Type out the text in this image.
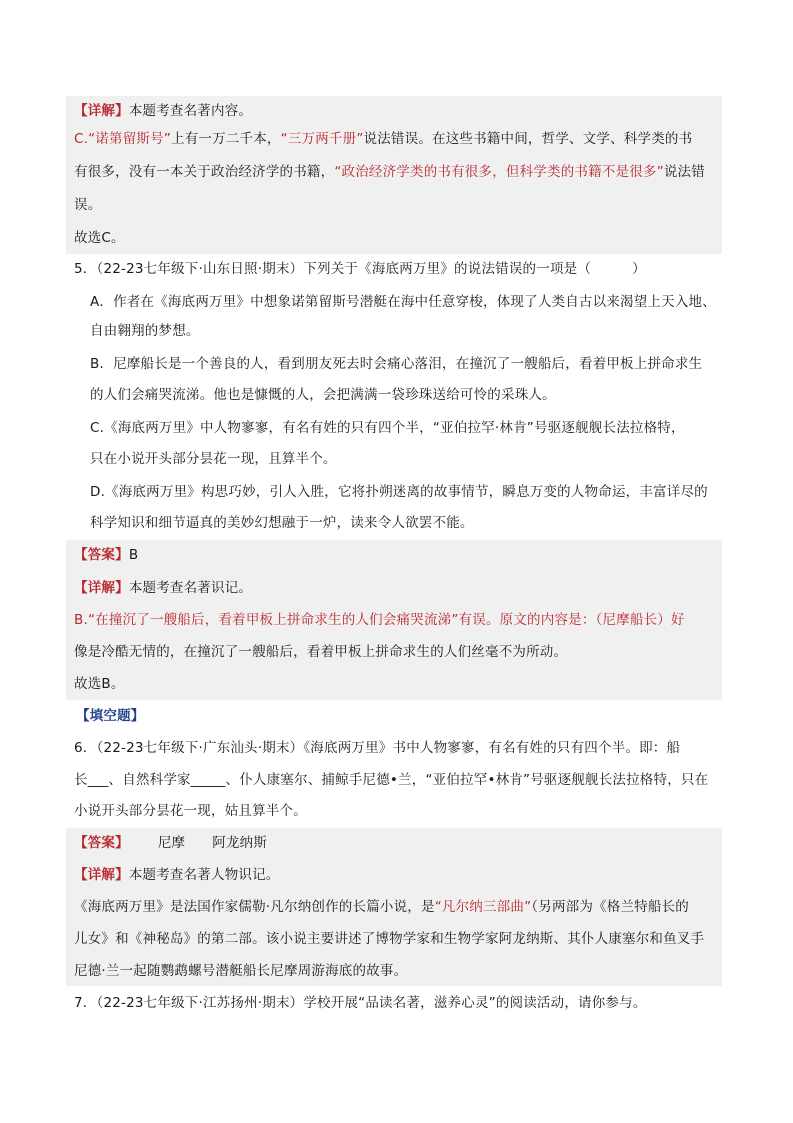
【详解】本题考查名著内容。
C.“诺第留斯号”上有一万二千本，“三万两千册”说法错误。在这些书籍中间，哲学、文学、科学类的书
有很多，没有一本关于政治经济学的书籍，“政治经济学类的书有很多，但科学类的书籍不是很多”说法错
误。
故选C。
5．（22-23七年级下·山东日照·期末）下列关于《海底两万里》的说法错误的一项是（　　　）
A．作者在《海底两万里》中想象诺第留斯号潜艇在海中任意穿梭，体现了人类自古以来渴望上天入地、
自由翱翔的梦想。
B．尼摩船长是一个善良的人，看到朋友死去时会痛心落泪，在撞沉了一艘船后，看着甲板上拼命求生
的人们会痛哭流涕。他也是慷慨的人，会把满满一袋珍珠送给可怜的采珠人。
C.《海底两万里》中人物寥寥，有名有姓的只有四个半，“亚伯拉罕·林肯”号驱逐舰舰长法拉格特，
只在小说开头部分昙花一现，且算半个。
D.《海底两万里》构思巧妙，引人入胜，它将扑朔迷离的故事情节，瞬息万变的人物命运，丰富详尽的
科学知识和细节逼真的美妙幻想融于一炉，读来令人欲罢不能。
【答案】B
【详解】本题考查名著识记。
B.“在撞沉了一艘船后，看着甲板上拼命求生的人们会痛哭流涕”有误。原文的内容是：（尼摩船长）好
像是冷酷无情的，在撞沉了一艘船后，看着甲板上拼命求生的人们丝毫不为所动。
故选B。
【填空题】
6．（22-23七年级下·广东汕头·期末）《海底两万里》书中人物寥寥，有名有姓的只有四个半。即：船
长___、自然科学家_____、仆人康塞尔、捕鲸手尼德•兰，“亚伯拉罕•林肯”号驱逐舰舰长法拉格特，只在
小说开头部分昙花一现，姑且算半个。
【答案】 尼摩 阿龙纳斯
【详解】本题考查名著人物识记。
《海底两万里》是法国作家儒勒·凡尔纳创作的长篇小说，是“凡尔纳三部曲”（另两部为《格兰特船长的
儿女》和《神秘岛》的第二部。该小说主要讲述了博物学家和生物学家阿龙纳斯、其仆人康塞尔和鱼叉手
尼德·兰一起随鹦鹉螺号潜艇船长尼摩周游海底的故事。
7．（22-23七年级下·江苏扬州·期末）学校开展“品读名著，滋养心灵”的阅读活动，请你参与。
